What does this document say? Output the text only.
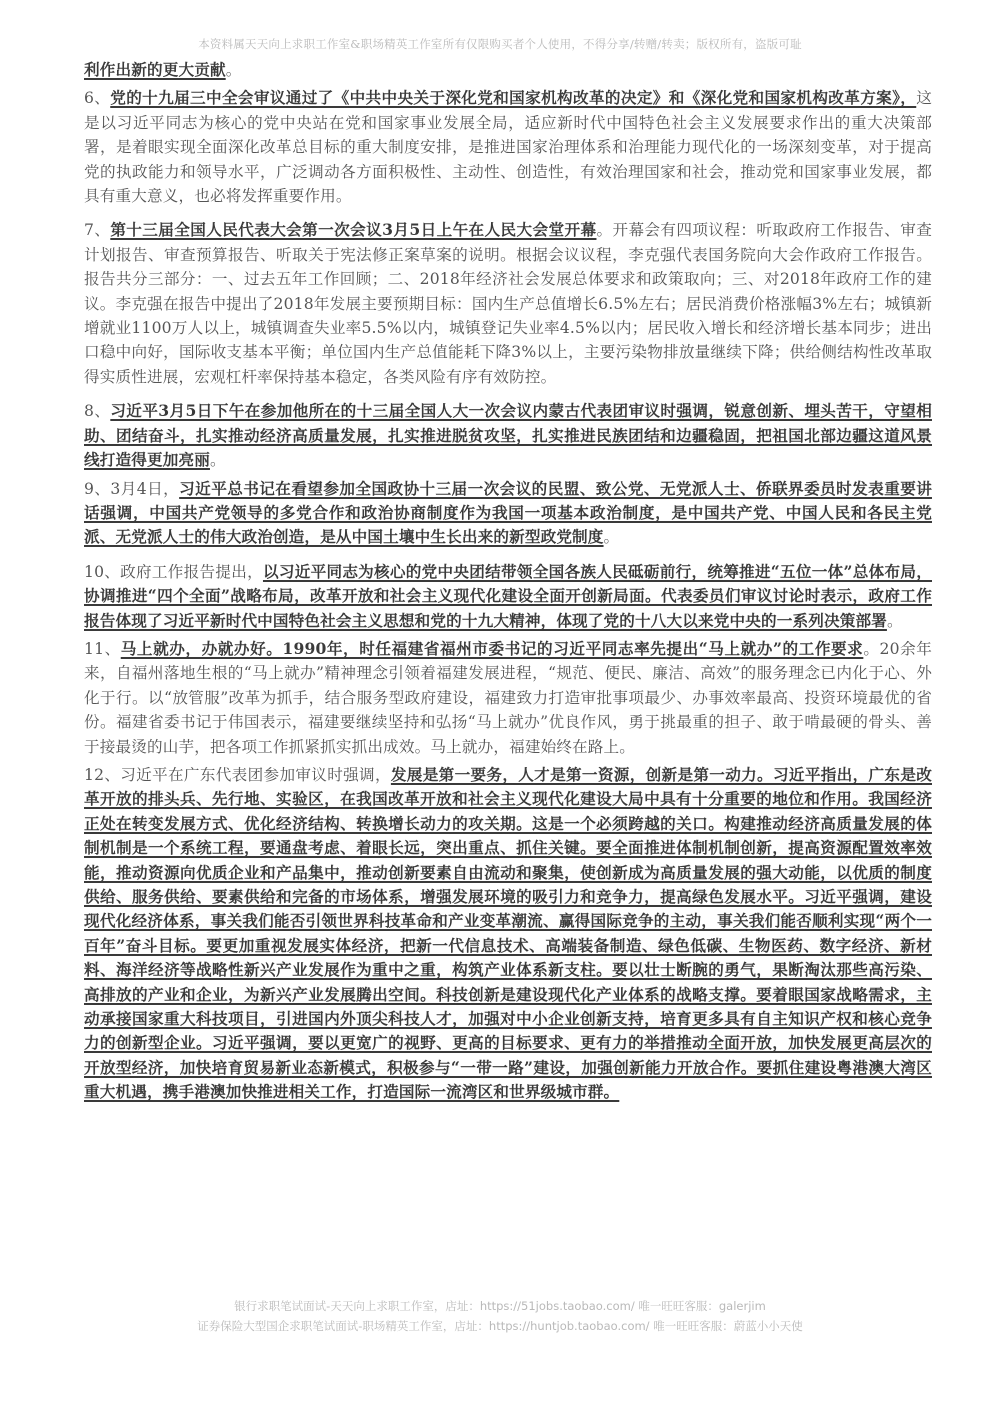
本资料属天天向上求职工作室&职场精英工作室所有仅限购买者个人使用，不得分享/转赠/转卖；版权所有，盗版可耻

利作出新的更大贡献。

6、党的十九届三中全会审议通过了《中共中央关于深化党和国家机构改革的决定》和《深化党和国家机构改革方案》，这是以习近平同志为核心的党中央站在党和国家事业发展全局，适应新时代中国特色社会主义发展要求作出的重大决策部署，是着眼实现全面深化改革总目标的重大制度安排，是推进国家治理体系和治理能力现代化的一场深刻变革，对于提高党的执政能力和领导水平，广泛调动各方面积极性、主动性、创造性，有效治理国家和社会，推动党和国家事业发展，都具有重大意义，也必将发挥重要作用。

7、第十三届全国人民代表大会第一次会议3月5日上午在人民大会堂开幕。开幕会有四项议程：听取政府工作报告、审查计划报告、审查预算报告、听取关于宪法修正案草案的说明。根据会议议程，李克强代表国务院向大会作政府工作报告。报告共分三部分：一、过去五年工作回顾；二、2018年经济社会发展总体要求和政策取向；三、对2018年政府工作的建议。李克强在报告中提出了2018年发展主要预期目标：国内生产总值增长6.5%左右；居民消费价格涨幅3%左右；城镇新增就业1100万人以上，城镇调查失业率5.5%以内，城镇登记失业率4.5%以内；居民收入增长和经济增长基本同步；进出口稳中向好，国际收支基本平衡；单位国内生产总值能耗下降3%以上，主要污染物排放量继续下降；供给侧结构性改革取得实质性进展，宏观杠杆率保持基本稳定，各类风险有序有效防控。

8、习近平3月5日下午在参加他所在的十三届全国人大一次会议内蒙古代表团审议时强调，锐意创新、埋头苦干，守望相助、团结奋斗，扎实推动经济高质量发展，扎实推进脱贫攻坚，扎实推进民族团结和边疆稳固，把祖国北部边疆这道风景线打造得更加亮丽。

9、3月4日，习近平总书记在看望参加全国政协十三届一次会议的民盟、致公党、无党派人士、侨联界委员时发表重要讲话强调，中国共产党领导的多党合作和政治协商制度作为我国一项基本政治制度，是中国共产党、中国人民和各民主党派、无党派人士的伟大政治创造，是从中国土壤中生长出来的新型政党制度。

10、政府工作报告提出，以习近平同志为核心的党中央团结带领全国各族人民砥砺前行，统筹推进“五位一体”总体布局，协调推进“四个全面”战略布局，改革开放和社会主义现代化建设全面开创新局面。代表委员们审议讨论时表示，政府工作报告体现了习近平新时代中国特色社会主义思想和党的十九大精神，体现了党的十八大以来党中央的一系列决策部署。

11、马上就办，办就办好。1990年，时任福建省福州市委书记的习近平同志率先提出“马上就办”的工作要求。20余年来，自福州落地生根的“马上就办”精神理念引领着福建发展进程，“规范、便民、廉洁、高效”的服务理念已内化于心、外化于行。以“放管服”改革为抓手，结合服务型政府建设，福建致力打造审批事项最少、办事效率最高、投资环境最优的省份。福建省委书记于伟国表示，福建要继续坚持和弘扬“马上就办”优良作风，勇于挑最重的担子、敢于啃最硬的骨头、善于接最烫的山芋，把各项工作抓紧抓实抓出成效。马上就办，福建始终在路上。

12、习近平在广东代表团参加审议时强调，发展是第一要务，人才是第一资源，创新是第一动力。习近平指出，广东是改革开放的排头兵、先行地、实验区，在我国改革开放和社会主义现代化建设大局中具有十分重要的地位和作用。我国经济正处在转变发展方式、优化经济结构、转换增长动力的攻关期。这是一个必须跨越的关口。构建推动经济高质量发展的体制机制是一个系统工程，要通盘考虑、着眼长远，突出重点、抓住关键。要全面推进体制机制创新，提高资源配置效率效能，推动资源向优质企业和产品集中，推动创新要素自由流动和聚集，使创新成为高质量发展的强大动能，以优质的制度供给、服务供给、要素供给和完备的市场体系，增强发展环境的吸引力和竞争力，提高绿色发展水平。习近平强调，建设现代化经济体系，事关我们能否引领世界科技革命和产业变革潮流、赢得国际竞争的主动，事关我们能否顺利实现“两个一百年”奋斗目标。要更加重视发展实体经济，把新一代信息技术、高端装备制造、绿色低碳、生物医药、数字经济、新材料、海洋经济等战略性新兴产业发展作为重中之重，构筑产业体系新支柱。要以壮士断腕的勇气，果断淘汰那些高污染、高排放的产业和企业，为新兴产业发展腾出空间。科技创新是建设现代化产业体系的战略支撑。要着眼国家战略需求，主动承接国家重大科技项目，引进国内外顶尖科技人才，加强对中小企业创新支持，培育更多具有自主知识产权和核心竞争力的创新型企业。习近平强调，要以更宽广的视野、更高的目标要求、更有力的举措推动全面开放，加快发展更高层次的开放型经济，加快培育贸易新业态新模式，积极参与“一带一路”建设，加强创新能力开放合作。要抓住建设粤港澳大湾区重大机遇，携手港澳加快推进相关工作，打造国际一流湾区和世界级城市群。

银行求职笔试面试-天天向上求职工作室，店址：https://51jobs.taobao.com/ 唯一旺旺客服：galerjim
证券保险大型国企求职笔试面试-职场精英工作室，店址：https://huntjob.taobao.com/ 唯一旺旺客服：蔚蓝小小天使
